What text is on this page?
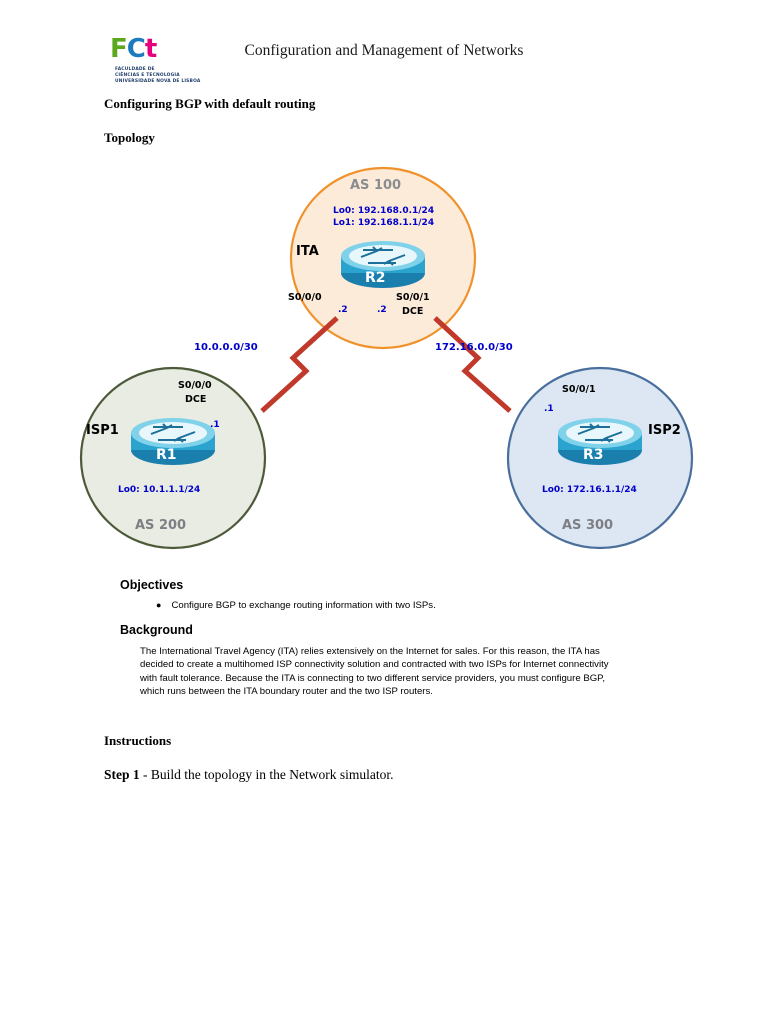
FCt
FACULDADE DE
CIÊNCIAS E TECNOLOGIA
UNIVERSIDADE NOVA DE LISBOA
Configuration and Management of Networks
Configuring BGP with default routing
Topology
AS 100
Lo0: 192.168.0.1/24
Lo1: 192.168.1.1/24
ITA
R2
S0/0/0	S0/0/1
DCE
.2	.2
10.0.0.0/30	172.16.0.0/30
S0/0/0
DCE
.1
ISP1
R1
Lo0: 10.1.1.1/24
AS 200
S0/0/1
.1
ISP2
R3
Lo0: 172.16.1.1/24
AS 300
Objectives
● Configure BGP to exchange routing information with two ISPs.
Background
The International Travel Agency (ITA) relies extensively on the Internet for sales. For this reason, the ITA has decided to create a multihomed ISP connectivity solution and contracted with two ISPs for Internet connectivity with fault tolerance. Because the ITA is connecting to two different service providers, you must configure BGP, which runs between the ITA boundary router and the two ISP routers.

Instructions
Step 1 - Build the topology in the Network simulator.
